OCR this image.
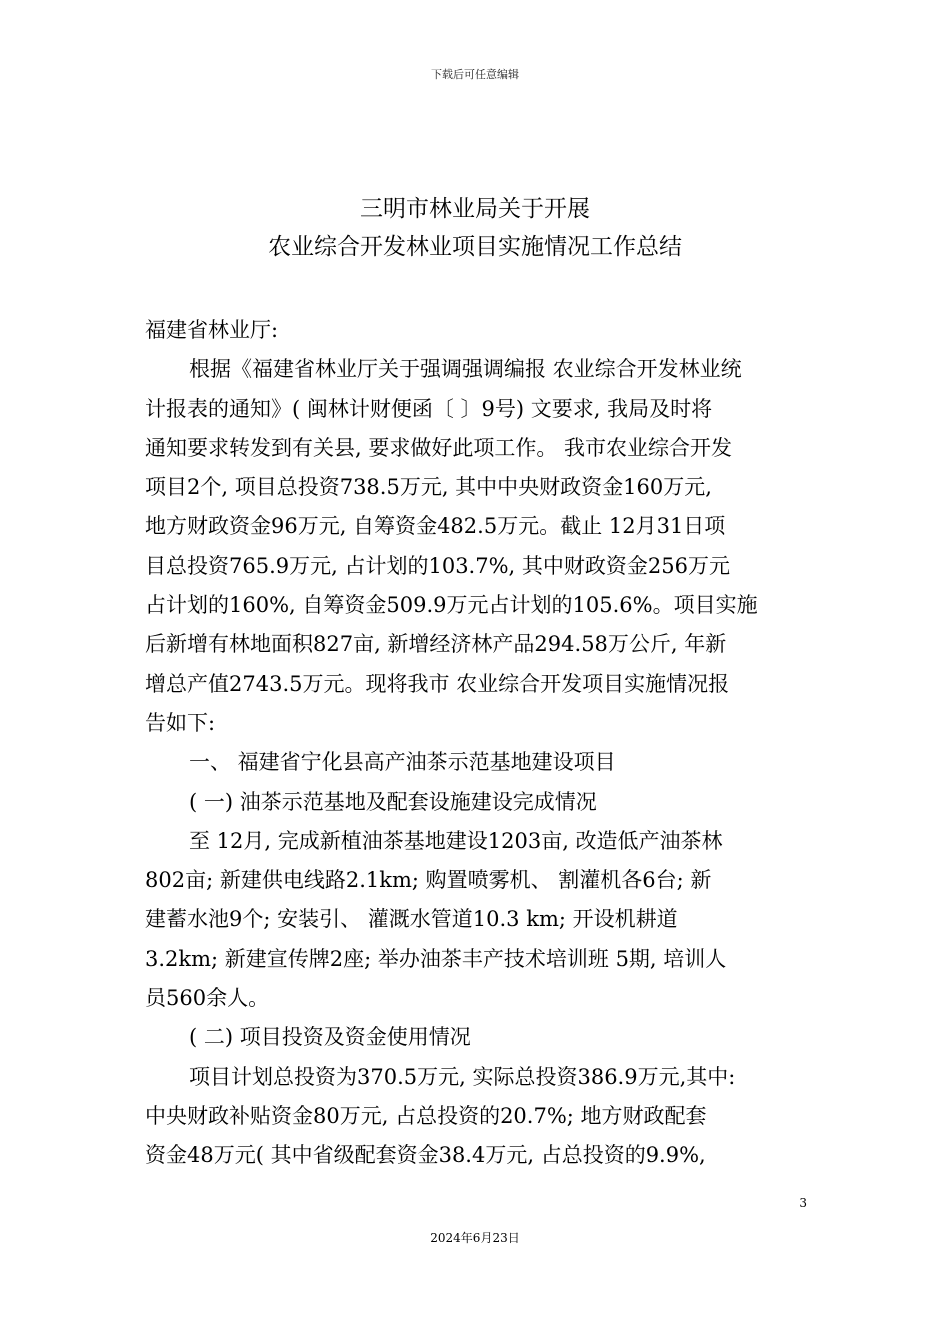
下载后可任意编辑
三明市林业局关于开展
农业综合开发林业项目实施情况工作总结

福建省林业厅:

根据《福建省林业厅关于强调强调编报 农业综合开发林业统
计报表的通知》( 闽林计财便函〔 〕9号) 文要求, 我局及时将
通知要求转发到有关县, 要求做好此项工作。 我市农业综合开发
项目2个, 项目总投资738.5万元, 其中中央财政资金160万元,
地方财政资金96万元, 自筹资金482.5万元。截止 12月31日项
目总投资765.9万元, 占计划的103.7%, 其中财政资金256万元
占计划的160%, 自筹资金509.9万元占计划的105.6%。项目实施
后新增有林地面积827亩, 新增经济林产品294.58万公斤, 年新
增总产值2743.5万元。现将我市 农业综合开发项目实施情况报
告如下:

一、 福建省宁化县高产油茶示范基地建设项目

( 一) 油茶示范基地及配套设施建设完成情况

至 12月, 完成新植油茶基地建设1203亩, 改造低产油茶林
802亩; 新建供电线路2.1km; 购置喷雾机、 割灌机各6台; 新
建蓄水池9个; 安装引、 灌溉水管道10.3 km; 开设机耕道
3.2km; 新建宣传牌2座; 举办油茶丰产技术培训班 5期, 培训人
员560余人。

( 二) 项目投资及资金使用情况

项目计划总投资为370.5万元, 实际总投资386.9万元,其中:
中央财政补贴资金80万元, 占总投资的20.7%; 地方财政配套
资金48万元( 其中省级配套资金38.4万元, 占总投资的9.9%,

3
2024年6月23日
